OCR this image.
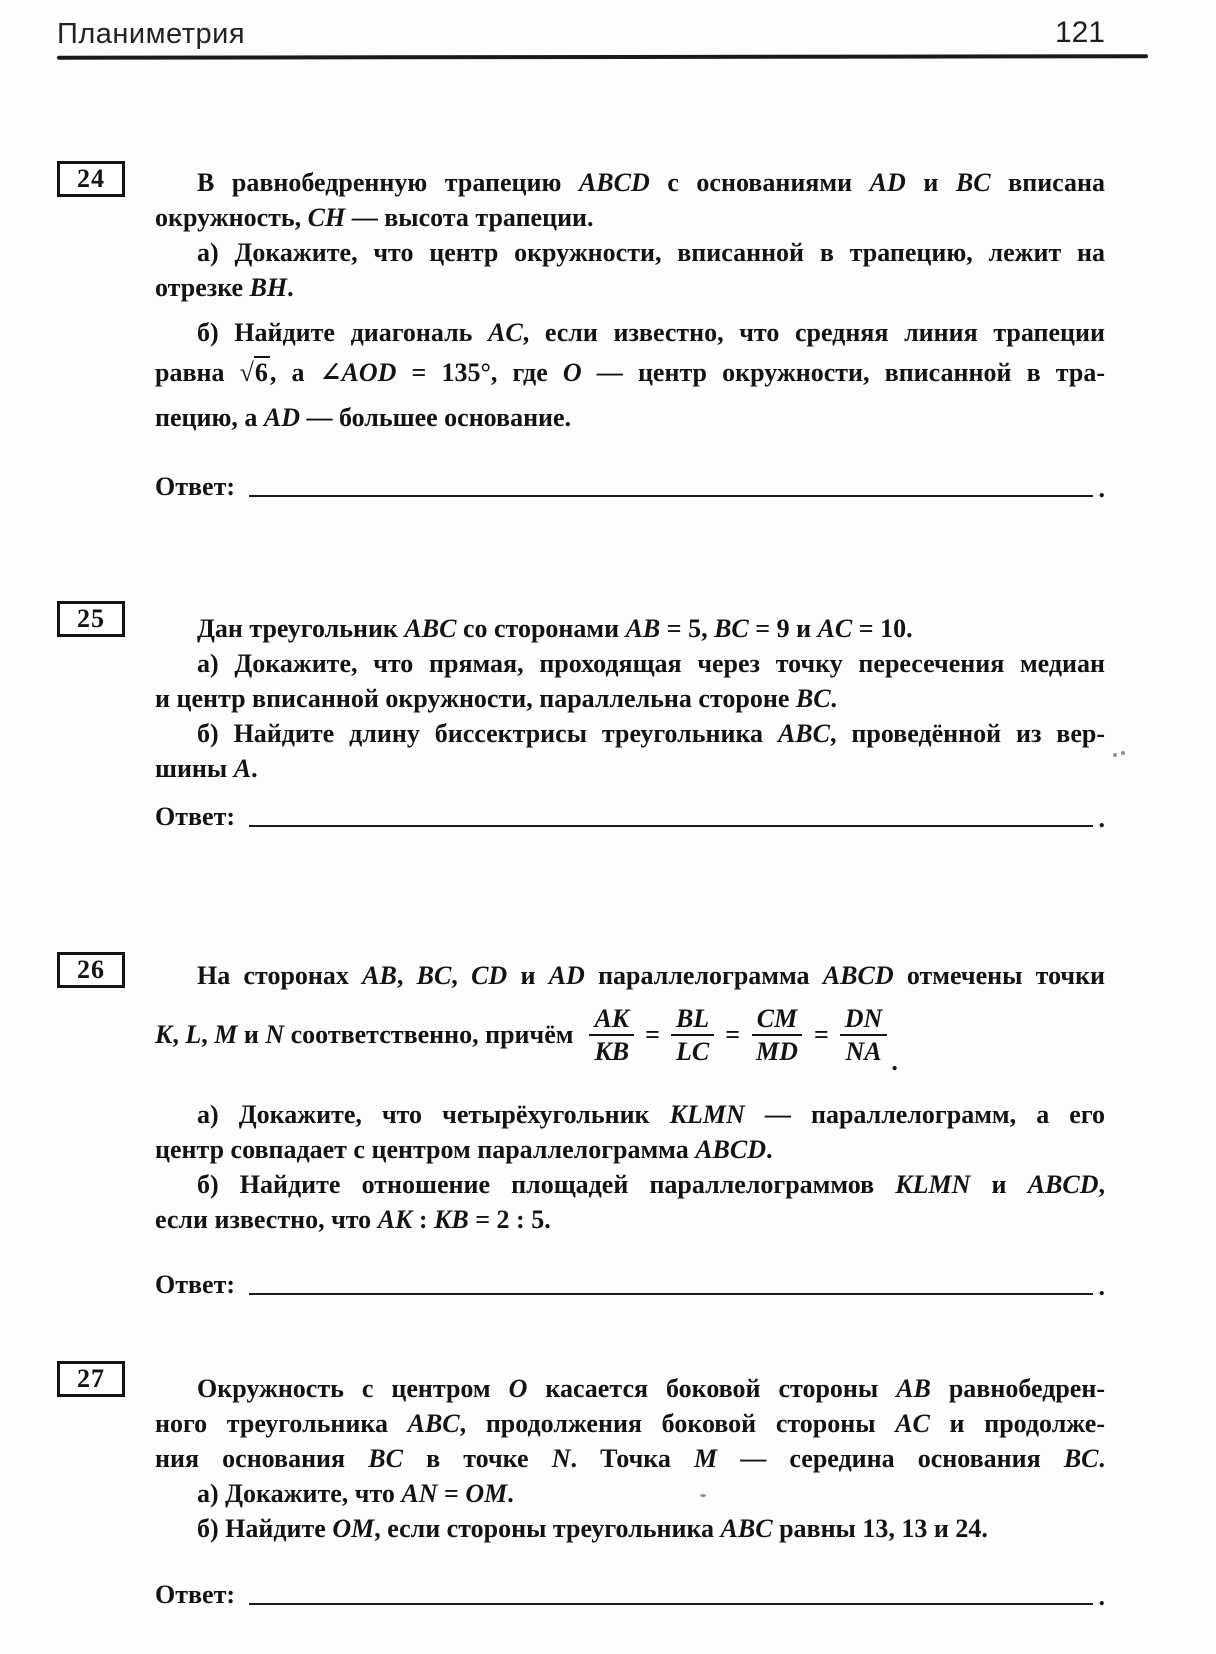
Планиметрия	121
24	В равнобедренную трапецию ABCD с основаниями AD и BC вписана
окружность, CH — высота трапеции.
а) Докажите, что центр окружности, вписанной в трапецию, лежит на
отрезке BH.
б) Найдите диагональ AC, если известно, что средняя линия трапеции
равна √6, а ∠AOD = 135°, где O — центр окружности, вписанной в тра-
пецию, а AD — большее основание.
Ответ:	.
25	Дан треугольник ABC со сторонами AB = 5, BC = 9 и AC = 10.
а) Докажите, что прямая, проходящая через точку пересечения медиан
и центр вписанной окружности, параллельна стороне BC.
б) Найдите длину биссектрисы треугольника ABC, проведённой из вер-
шины A.
Ответ:	.
26	На сторонах AB, BC, CD и AD параллелограмма ABCD отмечены точки
K, L, M и N соответственно, причём $\frac{AK}{KB} = \frac{BL}{LC} = \frac{CM}{MD} = \frac{DN}{NA}$ .
а) Докажите, что четырёхугольник KLMN — параллелограмм, а его
центр совпадает с центром параллелограмма ABCD.
б) Найдите отношение площадей параллелограммов KLMN и ABCD,
если известно, что AK : KB = 2 : 5.
Ответ:	.
27	Окружность с центром O касается боковой стороны AB равнобедрен-
ного треугольника ABC, продолжения боковой стороны AC и продолже-
ния основания BC в точке N. Точка M — середина основания BC.
а) Докажите, что AN = OM.
б) Найдите OM, если стороны треугольника ABC равны 13, 13 и 24.
Ответ:	.
